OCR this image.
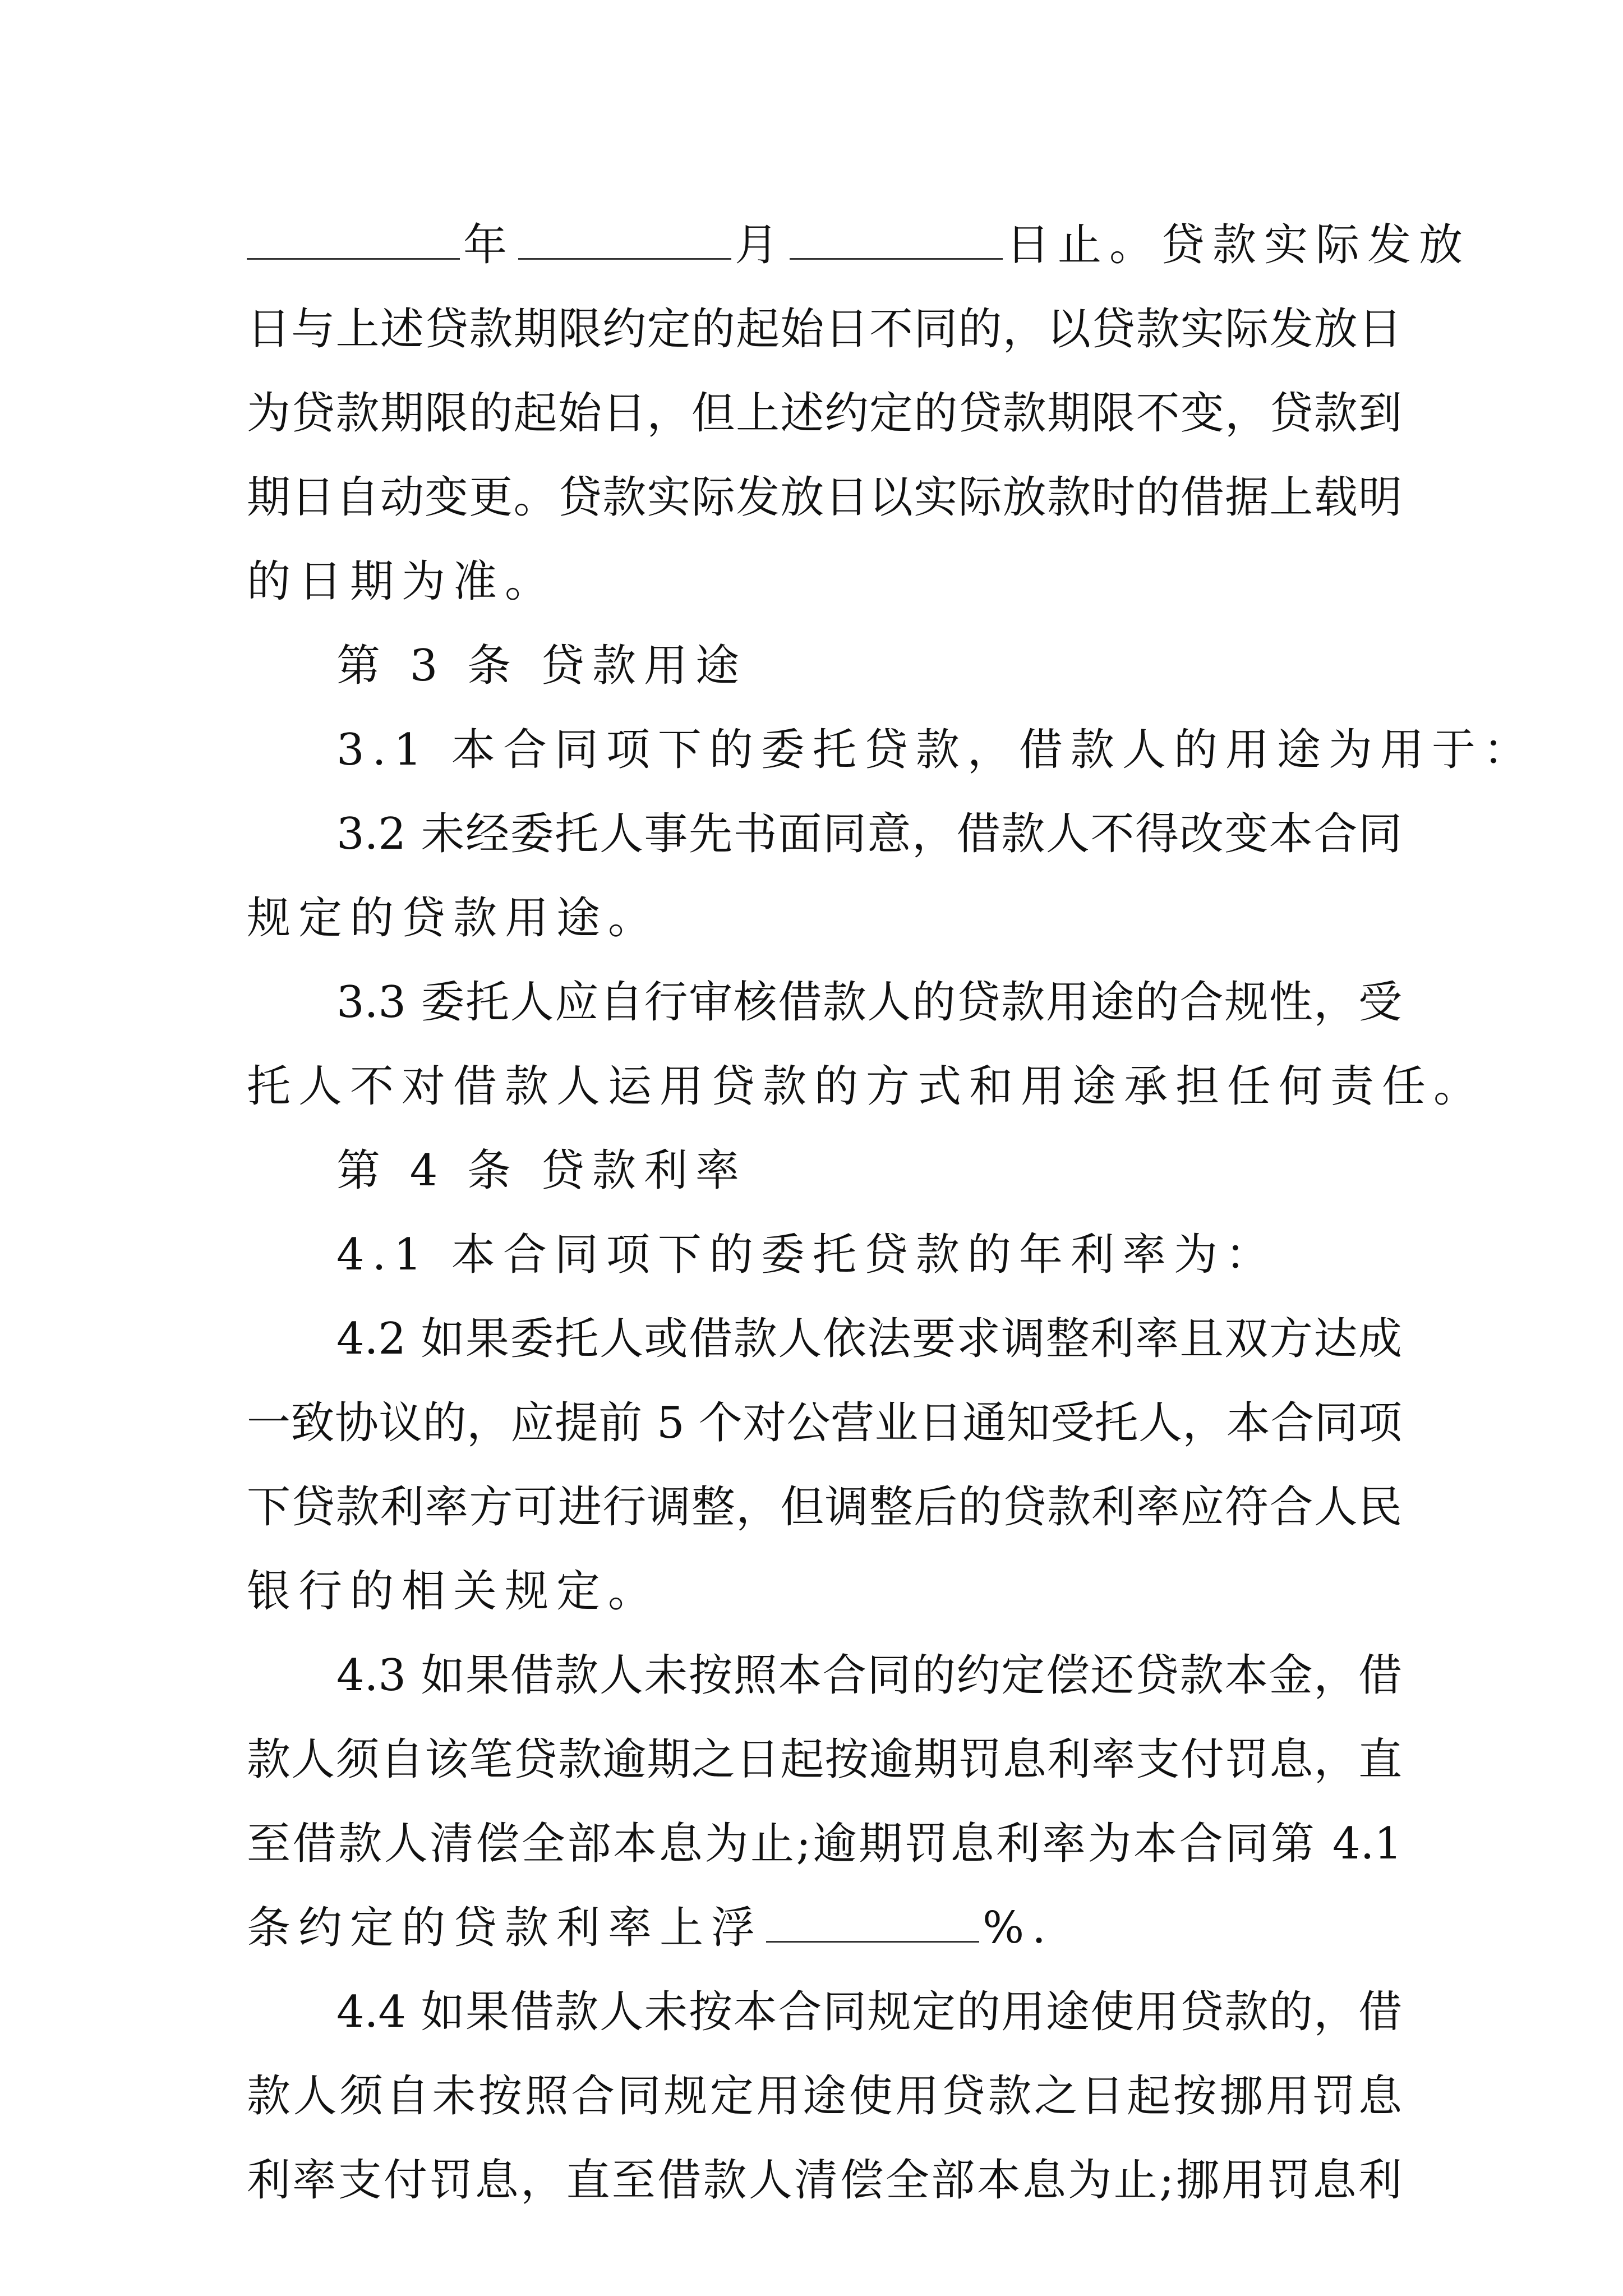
年	月	日止。贷款实际发放
日与上述贷款期限约定的起始日不同的，以贷款实际发放日
为贷款期限的起始日，但上述约定的贷款期限不变，贷款到
期日自动变更。贷款实际发放日以实际放款时的借据上载明
的日期为准。
第 3 条 贷款用途
3.1 本合同项下的委托贷款，借款人的用途为用于：
3.2 未经委托人事先书面同意，借款人不得改变本合同
规定的贷款用途。
3.3 委托人应自行审核借款人的贷款用途的合规性，受
托人不对借款人运用贷款的方式和用途承担任何责任。
第 4 条 贷款利率
4.1 本合同项下的委托贷款的年利率为：
4.2 如果委托人或借款人依法要求调整利率且双方达成
一致协议的，应提前 5 个对公营业日通知受托人，本合同项
下贷款利率方可进行调整，但调整后的贷款利率应符合人民
银行的相关规定。
4.3 如果借款人未按照本合同的约定偿还贷款本金，借
款人须自该笔贷款逾期之日起按逾期罚息利率支付罚息，直
至借款人清偿全部本息为止;逾期罚息利率为本合同第 4.1
条约定的贷款利率上浮	%.
4.4 如果借款人未按本合同规定的用途使用贷款的，借
款人须自未按照合同规定用途使用贷款之日起按挪用罚息
利率支付罚息，直至借款人清偿全部本息为止;挪用罚息利
